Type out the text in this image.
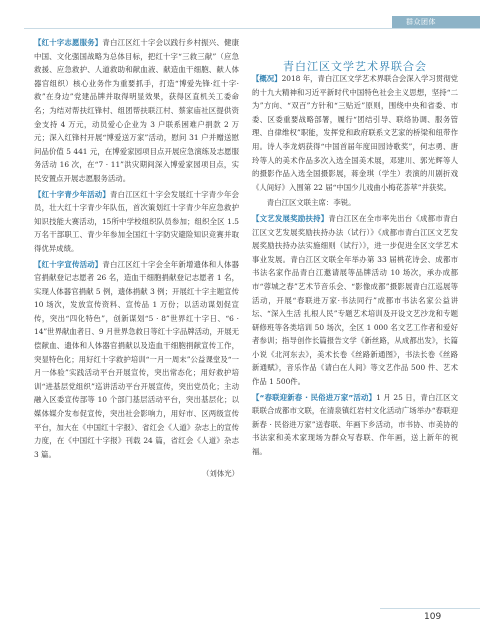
群众团体

【红十字志愿服务】青白江区红十字会以践行乡村振兴、健康中国、文化强国战略为总体目标，把红十字“三救三献”（应急救援、应急救护、人道救助和献血液、献造血干细胞、献人体器官组织）核心业务作为重要抓手，打造“博爱先锋·红十字·救”在身边”党建品牌并取得明显效果，获得区直机关工委命名；为结对帮扶红锋村、组团帮扶联江村、蔡家庙社区提供资金支持 4 万元，动员爱心企业为 3 户联系困难户捐款 2 万元；深入红锋村开展“博爱送万家”活动，慰问 31 户并赠送慰问品价值 5 441 元，在博爱家园项目点开展应急演练及志愿服务活动 16 次，在“7 · 11”洪灾期间深入博爱家园项目点，实民安置点开展志愿服务活动。

【红十字青少年活动】青白江区红十字会发展红十字青少年会员，壮大红十字青少年队伍，首次策划红十字青少年应急救护知识技能大赛活动，15所中学校组织队员参加；组织全区 1.5 万名干部职工、青少年参加全国红十字防灾避险知识竞赛并取得优异成绩。

【红十字宣传活动】青白江区红十字会全年新增遗体和人体器官捐献登记志愿者 26 名，造血干细胞捐献登记志愿者 1 名，实现人体器官捐献 5 例，遗体捐献 3 例；开展红十字主题宣传 10 场次，发放宣传资料、宣传品 1 万份；以活动谋划促宣传，突出“四化特色”，创新谋划“5 · 8”世界红十字日、“6 · 14”世界献血者日、9 月世界急救日等红十字品牌活动，开展无偿献血、遗体和人体器官捐献以及造血干细胞捐献宣传工作，突显特色化；用好红十字救护培训“一月一周末”公益课堂及“一月一体验”实践活动平台开展宣传，突出常态化；用好救护培训“进基层党组织”巡讲活动平台开展宣传，突出党员化；主动融入区委宣传部等 10 个部门基层活动平台，突出基层化；以媒体媒介发布促宣传，突出社会影响力，用好市、区两级宣传平台，加大在《中国红十字报》、省红会《人道》杂志上的宣传力度，在《中国红十字报》刊载 24 篇，省红会《人道》杂志 3 篇。

（刘体光）
青白江区文学艺术界联合会

【概况】2018 年，青白江区文学艺术界联合会深入学习贯彻党的十九大精神和习近平新时代中国特色社会主义思想，坚持“二为”方向、“双百”方针和“三贴近”原则，围绕中央和省委、市委、区委重要战略部署，履行“团结引导、联络协调、服务管理、自律维权”职能，发挥党和政府联系文艺家的桥梁和纽带作用。诗人李龙炳获得“中国首届年度田园诗歌奖”，何志勇、唐玲等人的美术作品多次入选全国美术展，邓建川、郭光辉等人的摄影作品入选全国摄影展，蒋金琪（学生）表演的川剧折戏《人间好》入围第 22 届“中国少儿戏曲小梅花荟萃”并获奖。

青白江区文联主席：李锐。

【文艺发展奖励扶持】青白江区在全市率先出台《成都市青白江区文艺发展奖励扶持办法（试行）》《成都市青白江区文艺发展奖励扶持办法实施细则（试行）》，进一步促进全区文学艺术事业发展。青白江区文联全年举办第 33 届桃花诗会、成都市书法名家作品青白江邀请展等品牌活动 10 场次，承办成都市“蓉城之春”艺术节音乐会、“影像成都”摄影展青白江巡展等活动，开展“春联进万家·书法同行”成都市书法名家公益讲坛、“深入生活 扎根人民”专题艺术培训及开设文艺沙龙和专题研修班等各类培训 50 场次，全区 1 000 名文艺工作者和爱好者参训；指导创作长篇报告文学《新丝路，从成都出发》，长篇小说《北河东去》，美术长卷《丝路新通图》，书法长卷《丝路新通赋》，音乐作品《请白在人间》等文艺作品 500 件、艺术作品 1 500件。

【“春联迎新春 · 民俗进万家”活动】1 月 25 日，青白江区文联联合成都市文联，在清泉镇红岩村文化活动广场举办“春联迎新春 · 民俗进万家”送春联、年画下乡活动，市书协、市美协的书法家和美术家现场为群众写春联、作年画，送上新年的祝福。

109
